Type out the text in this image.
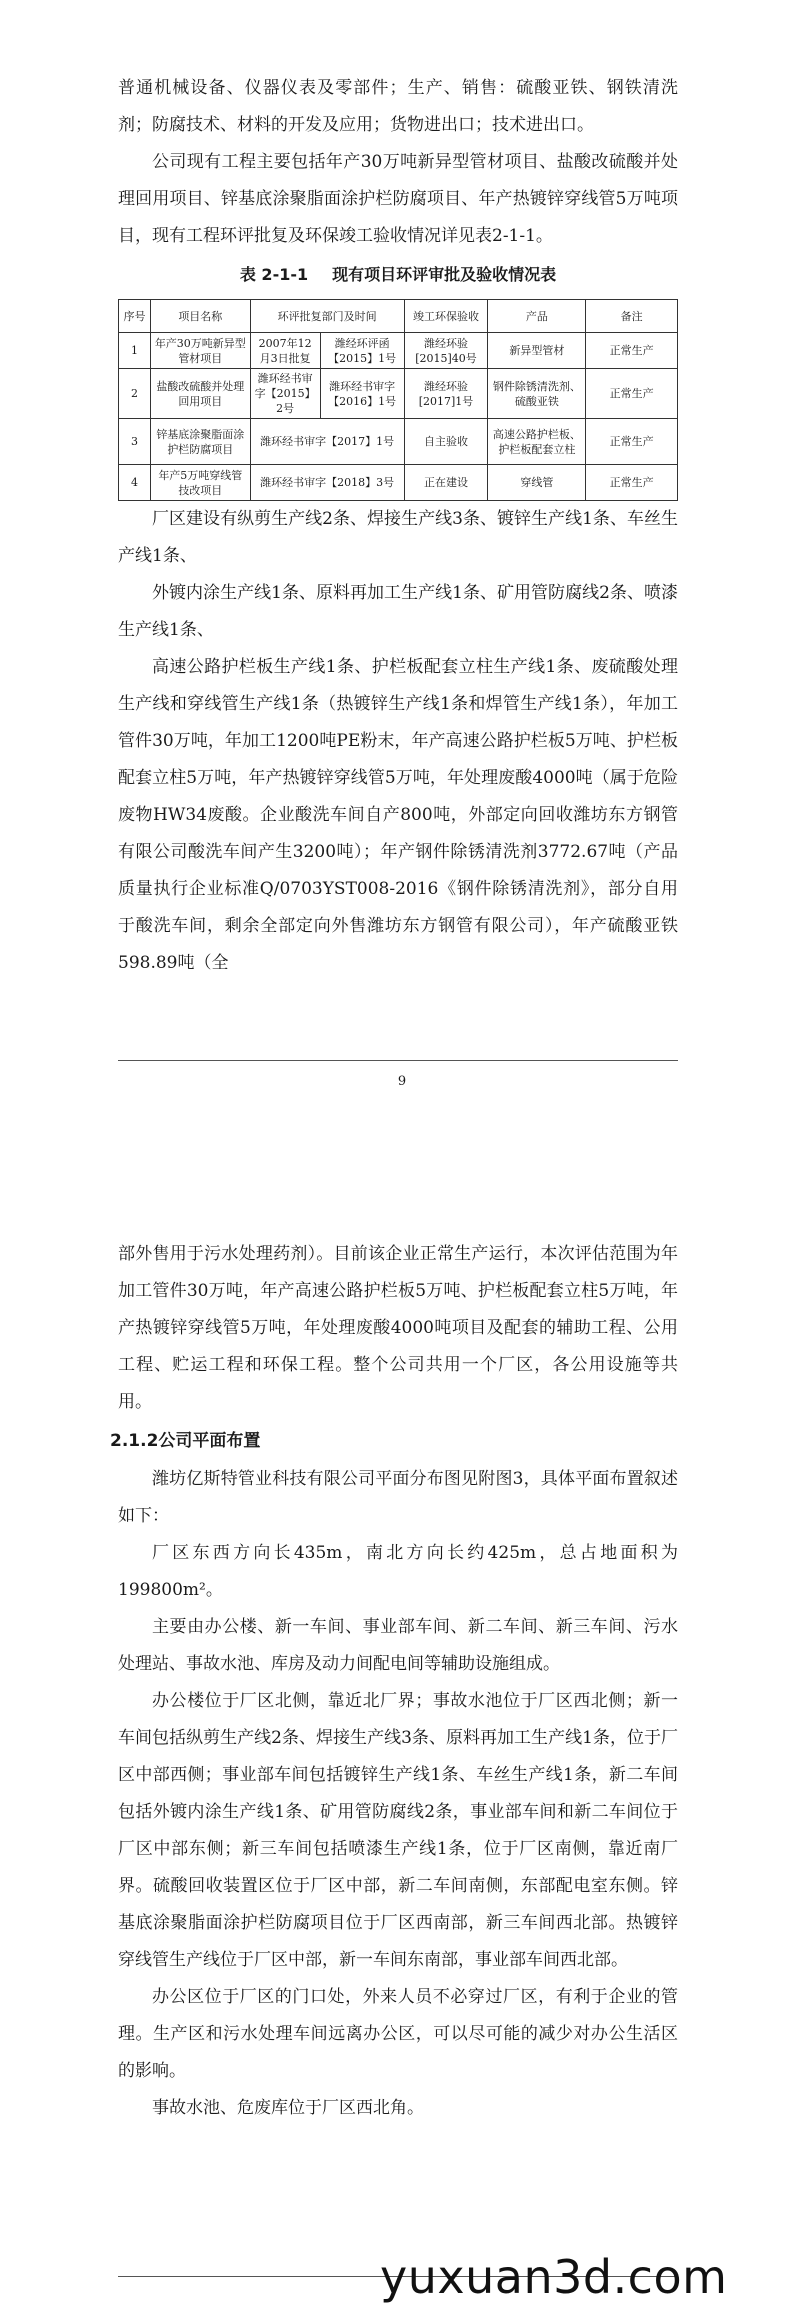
普通机械设备、仪器仪表及零部件；生产、销售：硫酸亚铁、钢铁清洗剂；防腐技术、材料的开发及应用；货物进出口；技术进出口。

公司现有工程主要包括年产30万吨新异型管材项目、盐酸改硫酸并处理回用项目、锌基底涂聚脂面涂护栏防腐项目、年产热镀锌穿线管5万吨项目，现有工程环评批复及环保竣工验收情况详见表2-1-1。

表 2-1-1 现有项目环评审批及验收情况表
序号	项目名称	环评批复部门及时间		竣工环保验收	产品	备注
1	年产30万吨新异型管材项目	2007年12月3日批复	潍经环评函【2015】1号	潍经环验[2015]40号	新异型管材	正常生产
2	盐酸改硫酸并处理回用项目	潍环经书审字【2015】2号	潍环经书审字【2016】1号	潍经环验[2017]1号	钢件除锈清洗剂、硫酸亚铁	正常生产
3	锌基底涂聚脂面涂护栏防腐项目	潍环经书审字【2017】1号		自主验收	高速公路护栏板、护栏板配套立柱	正常生产
4	年产5万吨穿线管技改项目	潍环经书审字【2018】3号		正在建设	穿线管	正常生产

厂区建设有纵剪生产线2条、焊接生产线3条、镀锌生产线1条、车丝生产线1条、

外镀内涂生产线1条、原料再加工生产线1条、矿用管防腐线2条、喷漆生产线1条、

高速公路护栏板生产线1条、护栏板配套立柱生产线1条、废硫酸处理生产线和穿线管生产线1条（热镀锌生产线1条和焊管生产线1条），年加工管件30万吨，年加工1200吨PE粉末，年产高速公路护栏板5万吨、护栏板配套立柱5万吨，年产热镀锌穿线管5万吨，年处理废酸4000吨（属于危险废物HW34废酸。企业酸洗车间自产800吨，外部定向回收潍坊东方钢管有限公司酸洗车间产生3200吨）；年产钢件除锈清洗剂3772.67吨（产品质量执行企业标准Q/0703YST008-2016《钢件除锈清洗剂》，部分自用于酸洗车间，剩余全部定向外售潍坊东方钢管有限公司），年产硫酸亚铁598.89吨（全

9

部外售用于污水处理药剂）。目前该企业正常生产运行，本次评估范围为年加工管件30万吨，年产高速公路护栏板5万吨、护栏板配套立柱5万吨，年产热镀锌穿线管5万吨，年处理废酸4000吨项目及配套的辅助工程、公用工程、贮运工程和环保工程。整个公司共用一个厂区，各公用设施等共用。

2.1.2公司平面布置

潍坊亿斯特管业科技有限公司平面分布图见附图3，具体平面布置叙述如下：

厂区东西方向长435m，南北方向长约425m，总占地面积为199800m²。

主要由办公楼、新一车间、事业部车间、新二车间、新三车间、污水处理站、事故水池、库房及动力间配电间等辅助设施组成。

办公楼位于厂区北侧，靠近北厂界；事故水池位于厂区西北侧；新一车间包括纵剪生产线2条、焊接生产线3条、原料再加工生产线1条，位于厂区中部西侧；事业部车间包括镀锌生产线1条、车丝生产线1条，新二车间包括外镀内涂生产线1条、矿用管防腐线2条，事业部车间和新二车间位于厂区中部东侧；新三车间包括喷漆生产线1条，位于厂区南侧，靠近南厂界。硫酸回收装置区位于厂区中部，新二车间南侧，东部配电室东侧。锌基底涂聚脂面涂护栏防腐项目位于厂区西南部，新三车间西北部。热镀锌穿线管生产线位于厂区中部，新一车间东南部，事业部车间西北部。

办公区位于厂区的门口处，外来人员不必穿过厂区，有利于企业的管理。生产区和污水处理车间远离办公区，可以尽可能的减少对办公生活区的影响。

事故水池、危废库位于厂区西北角。

yuxuan3d.com
